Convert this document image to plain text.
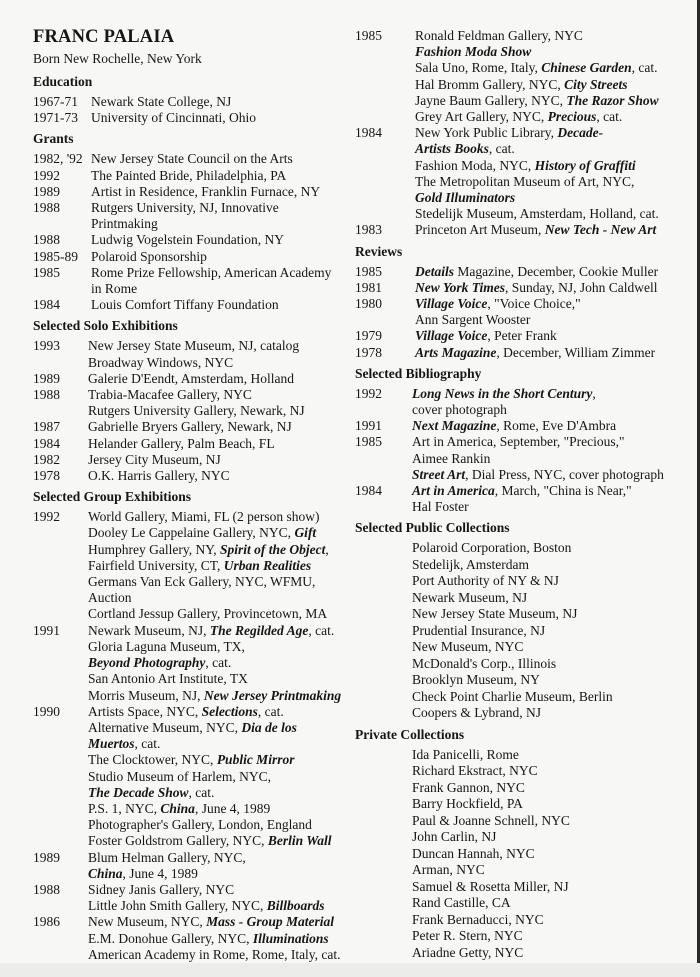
FRANC PALAIA
Born New Rochelle, New York
Education
1967-71 Newark State College, NJ
1971-73 University of Cincinnati, Ohio
Grants
1982, '92 New Jersey State Council on the Arts
1992	The Painted Bride, Philadelphia, PA
1989	Artist in Residence, Franklin Furnace, NY
1988	Rutgers University, NJ, Innovative
Printmaking
1988	Ludwig Vogelstein Foundation, NY
1985-89 Polaroid Sponsorship
1985	Rome Prize Fellowship, American Academy
in Rome
1984	Louis Comfort Tiffany Foundation
Selected Solo Exhibitions
1993	New Jersey State Museum, NJ, catalog
Broadway Windows, NYC
1989	Galerie D'Eendt, Amsterdam, Holland
1988	Trabia-Macafee Gallery, NYC
Rutgers University Gallery, Newark, NJ
1987	Gabrielle Bryers Gallery, Newark, NJ
1984	Helander Gallery, Palm Beach, FL
1982	Jersey City Museum, NJ
1978	O.K. Harris Gallery, NYC
Selected Group Exhibitions
1992	World Gallery, Miami, FL (2 person show)
Dooley Le Cappelaine Gallery, NYC, Gift
Humphrey Gallery, NY, Spirit of the Object,
Fairfield University, CT, Urban Realities
Germans Van Eck Gallery, NYC, WFMU,
Auction
Cortland Jessup Gallery, Provincetown, MA
1991	Newark Museum, NJ, The Regilded Age, cat.
Gloria Laguna Museum, TX,
Beyond Photography, cat.
San Antonio Art Institute, TX
Morris Museum, NJ, New Jersey Printmaking
1990	Artists Space, NYC, Selections, cat.
Alternative Museum, NYC, Dia de los
Muertos, cat.
The Clocktower, NYC, Public Mirror
Studio Museum of Harlem, NYC,
The Decade Show, cat.
P.S. 1, NYC, China, June 4, 1989
Photographer's Gallery, London, England
Foster Goldstrom Gallery, NYC, Berlin Wall
1989	Blum Helman Gallery, NYC,
China, June 4, 1989
1988	Sidney Janis Gallery, NYC
Little John Smith Gallery, NYC, Billboards
1986	New Museum, NYC, Mass - Group Material
E.M. Donohue Gallery, NYC, Illuminations
American Academy in Rome, Rome, Italy, cat.
1985	Ronald Feldman Gallery, NYC
Fashion Moda Show
Sala Uno, Rome, Italy, Chinese Garden, cat.
Hal Bromm Gallery, NYC, City Streets
Jayne Baum Gallery, NYC, The Razor Show
Grey Art Gallery, NYC, Precious, cat.
1984	New York Public Library, Decade-
Artists Books, cat.
Fashion Moda, NYC, History of Graffiti
The Metropolitan Museum of Art, NYC,
Gold Illuminators
Stedelijk Museum, Amsterdam, Holland, cat.
1983	Princeton Art Museum, New Tech - New Art
Reviews
1985	Details Magazine, December, Cookie Muller
1981	New York Times, Sunday, NJ, John Caldwell
1980	Village Voice, "Voice Choice,"
Ann Sargent Wooster
1979	Village Voice, Peter Frank
1978	Arts Magazine, December, William Zimmer
Selected Bibliography
1992	Long News in the Short Century,
cover photograph
1991	Next Magazine, Rome, Eve D'Ambra
1985	Art in America, September, "Precious,"
Aimee Rankin
Street Art, Dial Press, NYC, cover photograph
1984	Art in America, March, "China is Near,"
Hal Foster
Selected Public Collections
Polaroid Corporation, Boston
Stedelijk, Amsterdam
Port Authority of NY & NJ
Newark Museum, NJ
New Jersey State Museum, NJ
Prudential Insurance, NJ
New Museum, NYC
McDonald's Corp., Illinois
Brooklyn Museum, NY
Check Point Charlie Museum, Berlin
Coopers & Lybrand, NJ
Private Collections
Ida Panicelli, Rome
Richard Ekstract, NYC
Frank Gannon, NYC
Barry Hockfield, PA
Paul & Joanne Schnell, NYC
John Carlin, NJ
Duncan Hannah, NYC
Arman, NYC
Samuel & Rosetta Miller, NJ
Rand Castille, CA
Frank Bernaducci, NYC
Peter R. Stern, NYC
Ariadne Getty, NYC
